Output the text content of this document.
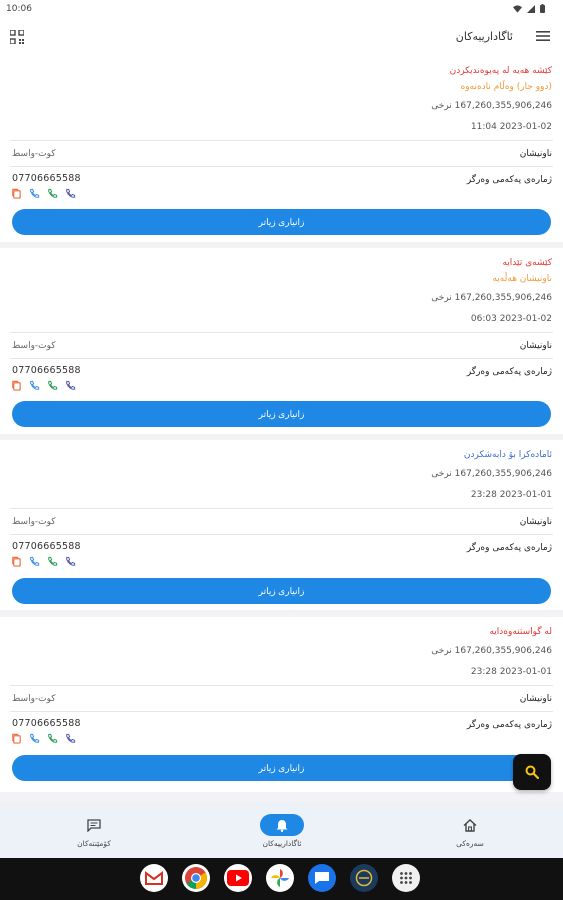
10:06
ئاگادارییەکان
کێشە هەیە لە پەیوەندیکردن
(دوو جار) وەڵام نادەنەوە
167,260,355,906,246 نرخی
2023-01-02 11:04
ناونیشان
کوت-واسط
ژمارەی پەکەمی وەرگر
07706665588
زانیاری زیاتر
کێشەی تێدایە
ناونیشان هەڵەیە
167,260,355,906,246 نرخی
2023-01-02 06:03
ناونیشان
کوت-واسط
ژمارەی پەکەمی وەرگر
07706665588
زانیاری زیاتر
ئامادەکرا بۆ دابەشکردن
167,260,355,906,246 نرخی
2023-01-01 23:28
ناونیشان
کوت-واسط
ژمارەی پەکەمی وەرگر
07706665588
زانیاری زیاتر
لە گواستنەوەدایە
167,260,355,906,246 نرخی
2023-01-01 23:28
ناونیشان
کوت-واسط
ژمارەی پەکەمی وەرگر
07706665588
زانیاری زیاتر
کۆمێنتەکان	ئاگادارییەکان	سەرەکی
